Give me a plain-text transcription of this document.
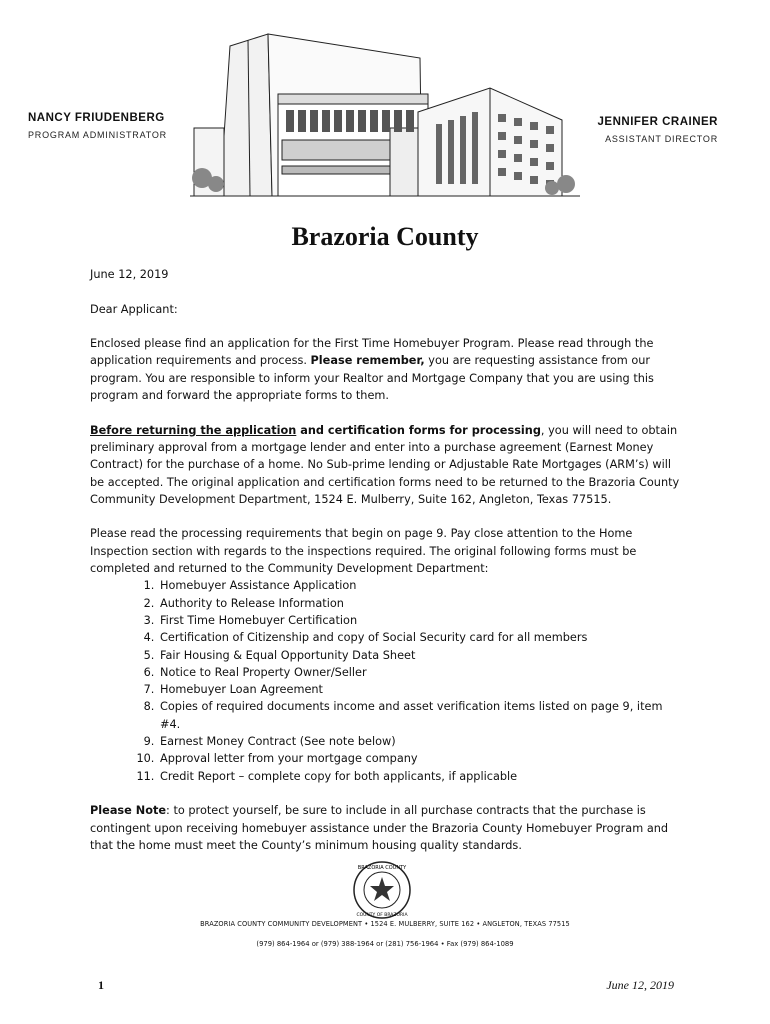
NANCY FRIUDENBERG
PROGRAM ADMINISTRATOR
JENNIFER CRAINER
ASSISTANT DIRECTOR
Brazoria County

June 12, 2019

Dear Applicant:

Enclosed please find an application for the First Time Homebuyer Program. Please read through the application requirements and process. Please remember, you are requesting assistance from our program. You are responsible to inform your Realtor and Mortgage Company that you are using this program and forward the appropriate forms to them.

Before returning the application and certification forms for processing, you will need to obtain preliminary approval from a mortgage lender and enter into a purchase agreement (Earnest Money Contract) for the purchase of a home. No Sub-prime lending or Adjustable Rate Mortgages (ARM’s) will be accepted. The original application and certification forms need to be returned to the Brazoria County Community Development Department, 1524 E. Mulberry, Suite 162, Angleton, Texas 77515.

Please read the processing requirements that begin on page 9. Pay close attention to the Home Inspection section with regards to the inspections required. The original following forms must be completed and returned to the Community Development Department:
1. Homebuyer Assistance Application
2. Authority to Release Information
3. First Time Homebuyer Certification
4. Certification of Citizenship and copy of Social Security card for all members
5. Fair Housing & Equal Opportunity Data Sheet
6. Notice to Real Property Owner/Seller
7. Homebuyer Loan Agreement
8. Copies of required documents income and asset verification items listed on page 9, item #4.
9. Earnest Money Contract (See note below)
10. Approval letter from your mortgage company
11. Credit Report – complete copy for both applicants, if applicable

Please Note: to protect yourself, be sure to include in all purchase contracts that the purchase is contingent upon receiving homebuyer assistance under the Brazoria County Homebuyer Program and that the home must meet the County’s minimum housing quality standards.

BRAZORIA COUNTY
COUNTY OF BRAZORIA
BRAZORIA COUNTY COMMUNITY DEVELOPMENT • 1524 E. MULBERRY, SUITE 162 • ANGLETON, TEXAS 77515
(979) 864-1964 or (979) 388-1964 or (281) 756-1964 • Fax (979) 864-1089
1	June 12, 2019
